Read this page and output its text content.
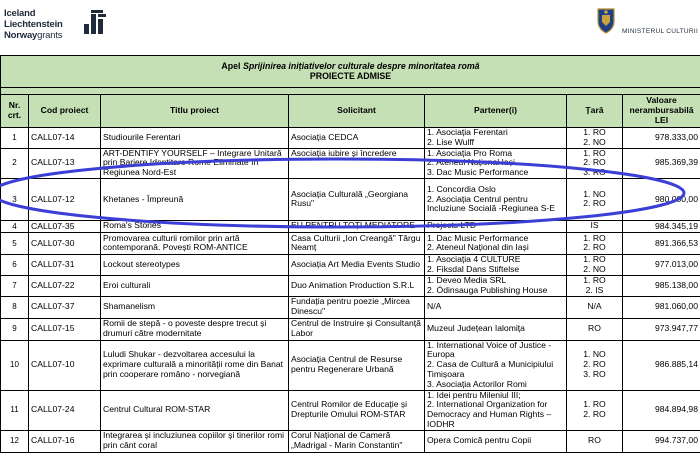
Iceland
Liechtenstein
Norwaygrants	MINISTERUL CULTURII
Apel Sprijinirea inițiativelor culturale despre minoritatea romă
PROIECTE ADMISE						

Nr. crt.	Cod proiect	Titlu proiect	Solicitant	Partener(i)	Țară	Valoare nerambursabilă LEI
1	CALL07-14	Studiourile Ferentari	Asociația CEDCA	1. Asociația Ferentari
2. Lise Wulff	1. RO
2. NO	978.333,00
2	CALL07-13	ART-DENTIFY YOURSELF – Integrare Unitară
prin Bariere Identitare Rome Eliminate în
Regiunea Nord-Est	Asociația iubire și încredere	1. Asociația Pro Roma
2. Ateneul Național Iași
3. Dac Music Performance	1. RO
2. RO
3. RO	985.369,39
3	CALL07-12	Khetanes - Împreună	Asociația Culturală „Georgiana
Rusu"	1. Concordia Oslo
2. Asociația Centrul pentru
Incluziune Socială -Regiunea S-E	1. NO
2. RO	980.000,00
4	CALL07-35	Roma's Stories	EU PENTRU TOȚI MEDIATORE	Projects LTD	IS	984.345,19
5	CALL07-30	Promovarea culturii romilor prin artă
contemporană. Povești ROM-ANTICE	Casa Culturii „Ion Creangă" Târgu
Neamț	1. Dac Music Performance
2. Ateneul Național din Iași	1. RO
2. RO	891.366,53
6	CALL07-31	Lockout stereotypes	Asociația Art Media Events Studio	1. Asociația 4 CULTURE
2. Fiksdal Dans Stiftelse	1. RO
2. NO	977.013,00
7	CALL07-22	Eroi culturali	Duo Animation Production S.R.L	1. Deveo Media SRL
2. Ódinsauga Publishing House	1. RO
2. IS	985.138,00
8	CALL07-37	Shamanelism	Fundația pentru poezie „Mircea
Dinescu"	N/A	N/A	981.060,00
9	CALL07-15	Romii de stepă - o poveste despre trecut și
drumuri către modernitate	Centrul de Instruire și Consultanță
Labor	Muzeul Județean Ialomița	RO	973.947,77
10	CALL07-10	Luludi Shukar - dezvoltarea accesului la
exprimare culturală a minorității rome din Banat
prin cooperare româno - norvegiană	Asociația Centrul de Resurse
pentru Regenerare Urbană	1. International Voice of Justice -
Europa
2. Casa de Cultură a Municipiului
Timișoara
3. Asociația Actorilor Romi	1. NO
2. RO
3. RO	986.885,14
11	CALL07-24	Centrul Cultural ROM-STAR	Centrul Romilor de Educație și
Drepturile Omului ROM-STAR	1. Idei pentru Mileniul III;
2. International Organization for
Democracy and Human Rights –
IODHR	1. RO
2. RO	984.894,98
12	CALL07-16	Integrarea și incluziunea copiilor și tinerilor romi
prin cânt coral	Corul Național de Cameră
„Madrigal - Marin Constantin"	Opera Comică pentru Copii	RO	994.737,00
